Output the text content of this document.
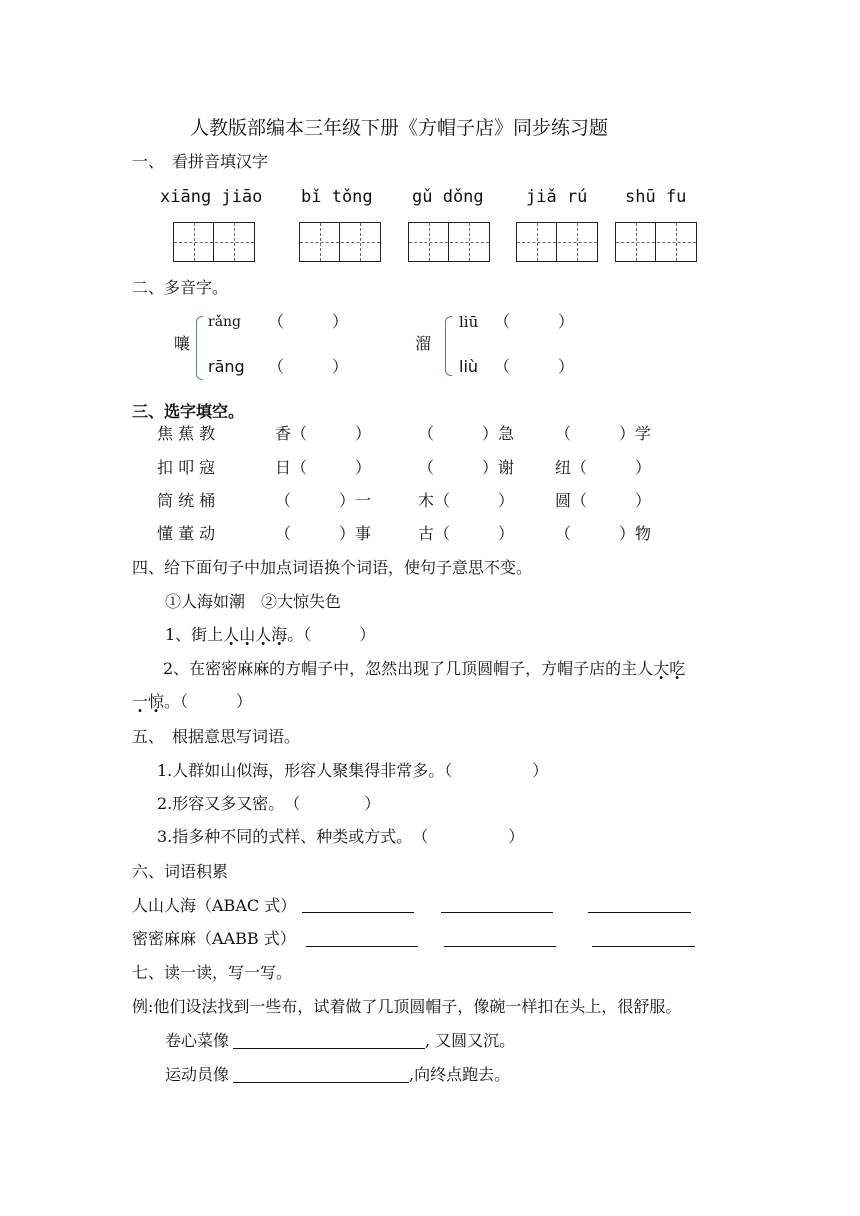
人教版部编本三年级下册《方帽子店》同步练习题
一、　看拼音填汉字
xiāng jiāo bǐ tǒng gǔ dǒng jiǎ rú shū fu
二、多音字。
嚷
rǎng （　　　）
rāng （　　　）
溜
liū （　　　）
liù （　　　）
三、选字填空。
焦 蕉 教	香（　　　）	（　　　）急	（　　　）学
扣 叩 寇	日（　　　）	（　　　）谢	纽（　　　）
筒 统 桶	（　　　）一	木（　　　）	圆（　　　）
懂 董 动	（　　　）事	古（　　　）	（　　　）物
四、给下面句子中加点词语换个词语，使句子意思不变。
①人海如潮　②大惊失色
1、街上人山人海。（　　　）
2、在密密麻麻的方帽子中，忽然出现了几顶圆帽子，方帽子店的主人大吃
一惊。（　　　）
五、　根据意思写词语。
1.人群如山似海，形容人聚集得非常多。（　　　　　）
2.形容又多又密。　（　　　　）
3.指多种不同的式样、种类或方式。　（　　　　　）
六、词语积累
人山人海（ABAC 式）
密密麻麻（AABB 式）
七、读一读，写一写。
例:他们设法找到一些布，试着做了几顶圆帽子，像碗一样扣在头上，很舒服。
卷心菜像	, 又圆又沉。
运动员像	,向终点跑去。
